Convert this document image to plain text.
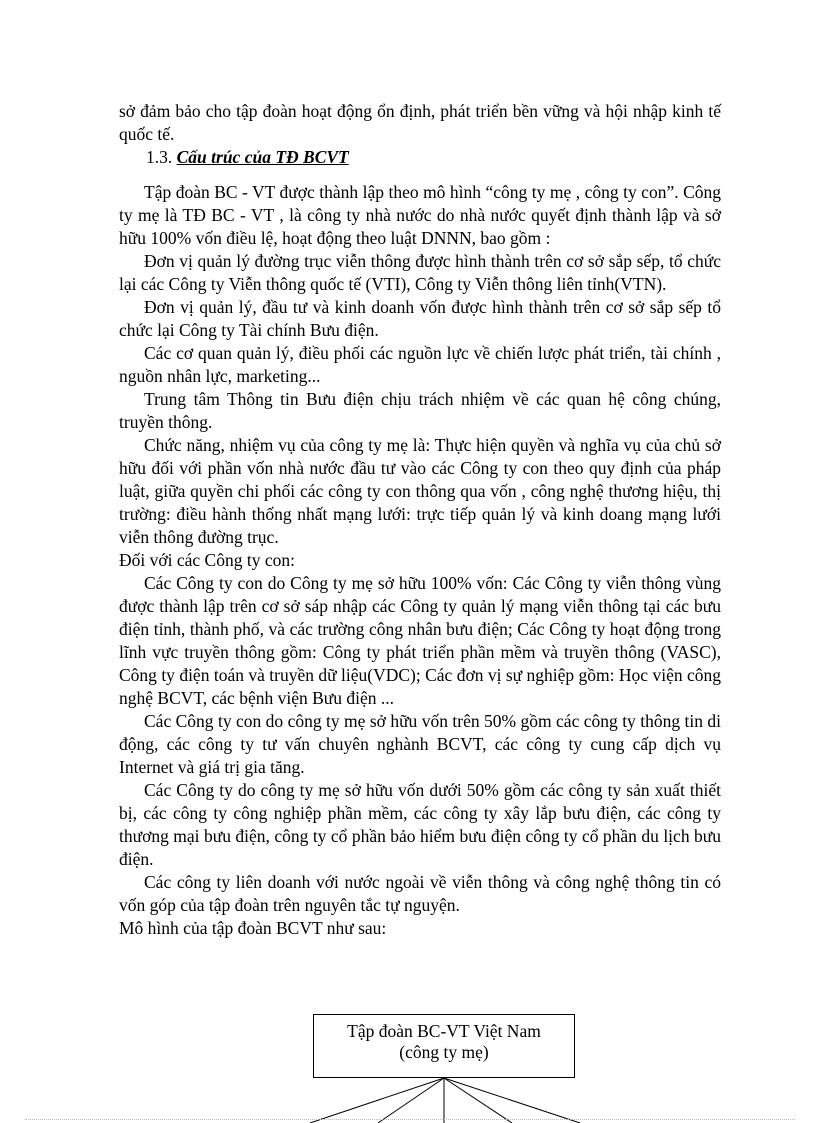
sở đảm bảo cho tập đoàn hoạt động ổn định, phát triển bền vững và hội nhập kinh tế quốc tế.

1.3. Cấu trúc của TĐ BCVT

Tập đoàn BC - VT được thành lập theo mô hình “công ty mẹ , công ty con”. Công ty mẹ là TĐ BC - VT , là công ty nhà nước do nhà nước quyết định thành lập và sở hữu 100% vốn điều lệ, hoạt động theo luật DNNN, bao gồm :

Đơn vị quản lý đường trục viễn thông được hình thành trên cơ sở sắp sếp, tổ chức lại các Công ty Viễn thông quốc tế (VTI), Công ty Viễn thông liên tỉnh(VTN).

Đơn vị quản lý, đầu tư và kinh doanh vốn được hình thành trên cơ sở sắp sếp tổ chức lại Công ty Tài chính Bưu điện.

Các cơ quan quản lý, điều phối các nguồn lực về chiến lược phát triển, tài chính , nguồn nhân lực, marketing...

Trung tâm Thông tin Bưu điện chịu trách nhiệm về các quan hệ công chúng, truyền thông.

Chức năng, nhiệm vụ của công ty mẹ là: Thực hiện quyền và nghĩa vụ của chủ sở hữu đối với phần vốn nhà nước đầu tư vào các Công ty con theo quy định của pháp luật, giữa quyền chi phối các công ty con thông qua vốn , công nghệ thương hiệu, thị trường: điều hành thống nhất mạng lưới: trực tiếp quản lý và kinh doang mạng lưới viễn thông đường trục.

Đối với các Công ty con:

Các Công ty con do Công ty mẹ sở hữu 100% vốn: Các Công ty viễn thông vùng được thành lập trên cơ sở sáp nhập các Công ty quản lý mạng viễn thông tại các bưu điện tỉnh, thành phố, và các trường công nhân bưu điện; Các Công ty hoạt động trong lĩnh vực truyền thông gồm: Công ty phát triển phần mềm và truyền thông (VASC), Công ty điện toán và truyền dữ liệu(VDC); Các đơn vị sự nghiệp gồm: Học viện công nghệ BCVT, các bệnh viện Bưu điện ...

Các Công ty con do công ty mẹ sở hữu vốn trên 50% gồm các công ty thông tin di động, các công ty tư vấn chuyên nghành BCVT, các công ty cung cấp dịch vụ Internet và giá trị gia tăng.

Các Công ty do công ty mẹ sở hữu vốn dưới 50% gồm các công ty sản xuất thiết bị, các công ty công nghiệp phần mềm, các công ty xây lắp bưu điện, các công ty thương mại bưu điện, công ty cổ phần bảo hiểm bưu điện công ty cổ phần du lịch bưu điện.

Các công ty liên doanh với nước ngoài về viễn thông và công nghệ thông tin có vốn góp của tập đoàn trên nguyên tắc tự nguyện.

Mô hình của tập đoàn BCVT như sau:

Tập đoàn BC-VT Việt Nam
(công ty mẹ)
